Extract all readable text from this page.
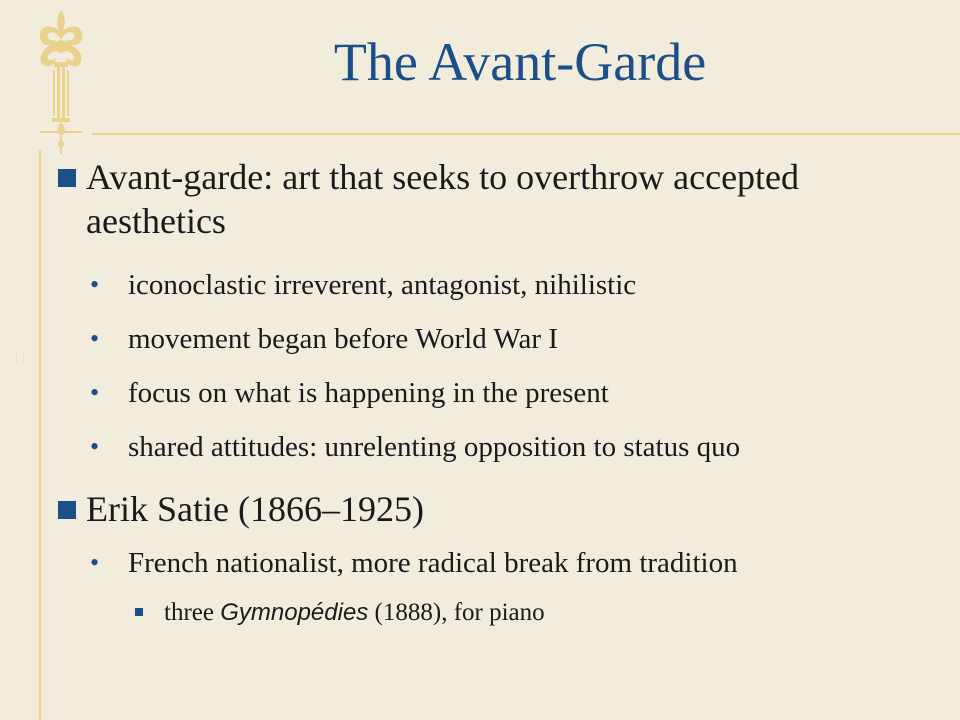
The Avant-Garde
Avant-garde: art that seeks to overthrow accepted aesthetics
• iconoclastic irreverent, antagonist, nihilistic
• movement began before World War I
• focus on what is happening in the present
• shared attitudes: unrelenting opposition to status quo
Erik Satie (1866–1925)
• French nationalist, more radical break from tradition
three Gymnopédies (1888), for piano
